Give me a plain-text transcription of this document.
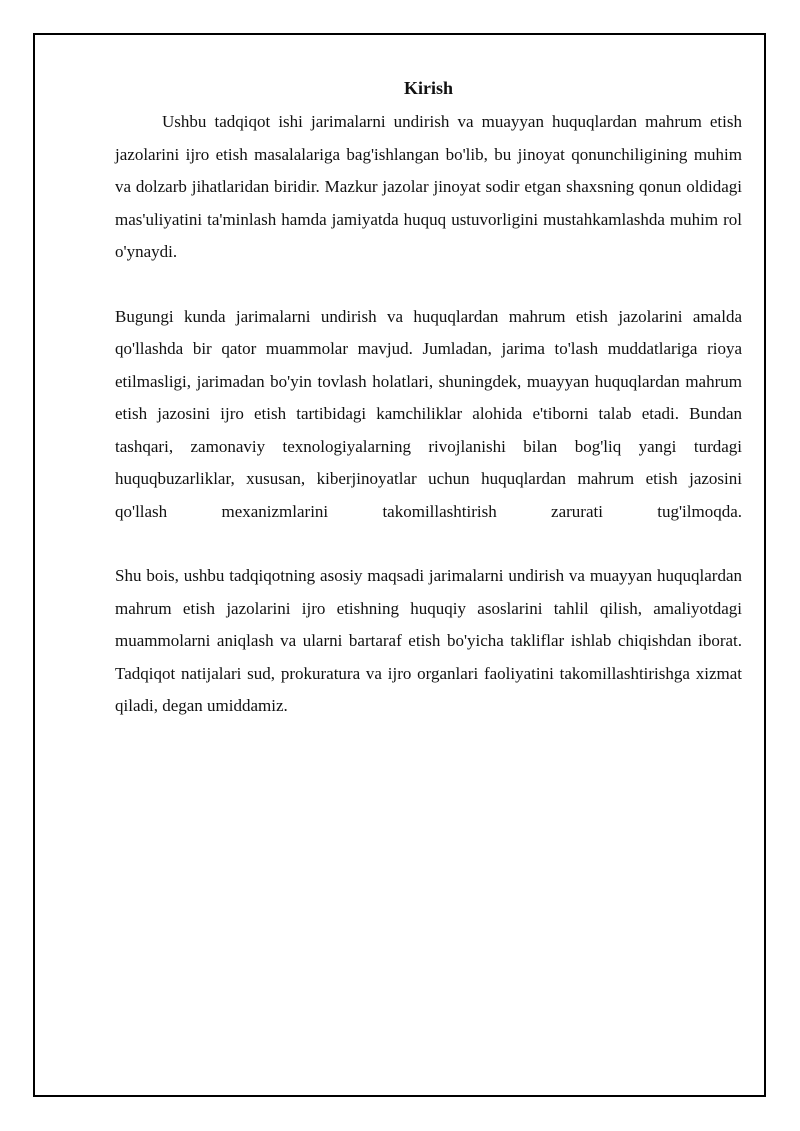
Kirish

Ushbu tadqiqot ishi jarimalarni undirish va muayyan huquqlardan mahrum etish jazolarini ijro etish masalalariga bag'ishlangan bo'lib, bu jinoyat qonunchiligining muhim va dolzarb jihatlaridan biridir. Mazkur jazolar jinoyat sodir etgan shaxsning qonun oldidagi mas'uliyatini ta'minlash hamda jamiyatda huquq ustuvorligini mustahkamlashda muhim rol o'ynaydi.

Bugungi kunda jarimalarni undirish va huquqlardan mahrum etish jazolarini amalda qo'llashda bir qator muammolar mavjud. Jumladan, jarima to'lash muddatlariga rioya etilmasligi, jarimadan bo'yin tovlash holatlari, shuningdek, muayyan huquqlardan mahrum etish jazosini ijro etish tartibidagi kamchiliklar alohida e'tiborni talab etadi. Bundan tashqari, zamonaviy texnologiyalarning rivojlanishi bilan bog'liq yangi turdagi huquqbuzarliklar, xususan, kiberjinoyatlar uchun huquqlardan mahrum etish jazosini qo'llash mexanizmlarini takomillashtirish zarurati tug'ilmoqda.

Shu bois, ushbu tadqiqotning asosiy maqsadi jarimalarni undirish va muayyan huquqlardan mahrum etish jazolarini ijro etishning huquqiy asoslarini tahlil qilish, amaliyotdagi muammolarni aniqlash va ularni bartaraf etish bo'yicha takliflar ishlab chiqishdan iborat. Tadqiqot natijalari sud, prokuratura va ijro organlari faoliyatini takomillashtirishga xizmat qiladi, degan umiddamiz.
